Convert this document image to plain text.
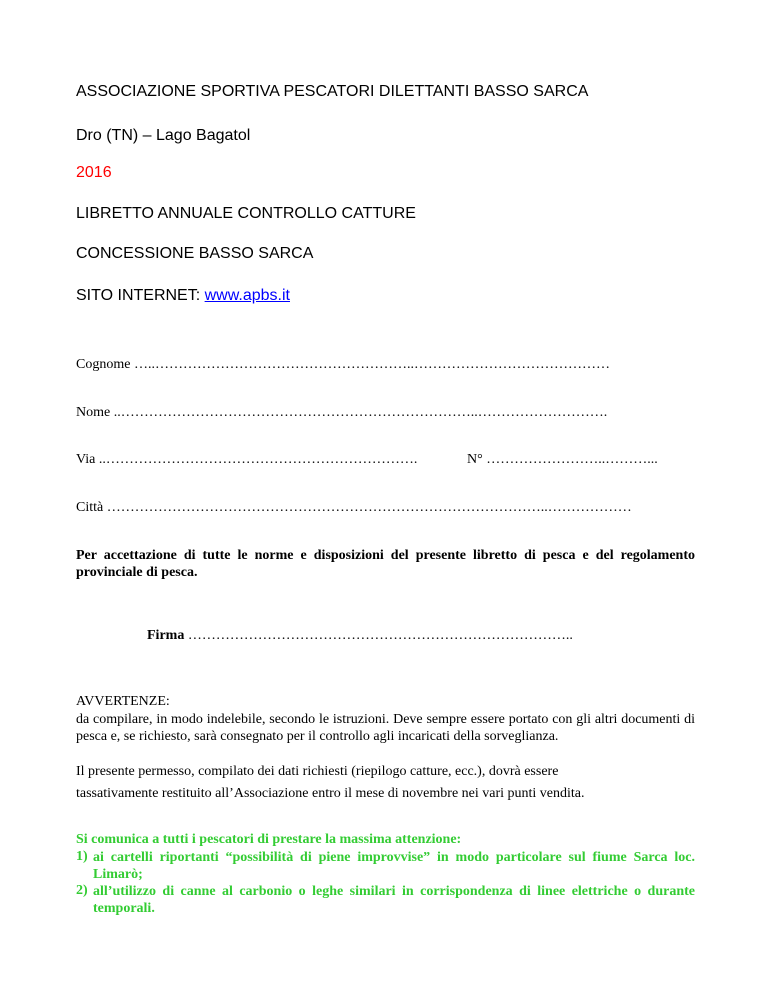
ASSOCIAZIONE SPORTIVA PESCATORI DILETTANTI BASSO SARCA
Dro (TN) – Lago Bagatol
2016
LIBRETTO ANNUALE CONTROLLO CATTURE
CONCESSIONE BASSO SARCA
SITO INTERNET: www.apbs.it
Cognome
…..………………………………………………..……………………………………
Nome
..…………………………………………………………………..……………………….
Via
..………………………………………………………….	N° ……………………..………...
Città
…………………………………………………………………………………..………………
Per accettazione di tutte le norme e disposizioni del presente libretto di pesca e del regolamento provinciale di pesca.
Firma ………………………………………………………………………..
AVVERTENZE:
da compilare, in modo indelebile, secondo le istruzioni. Deve sempre essere portato con gli altri documenti di pesca e, se richiesto, sarà consegnato per il controllo agli incaricati della sorveglianza.
Il presente permesso, compilato dei dati richiesti (riepilogo catture, ecc.), dovrà essere
tassativamente restituito all’Associazione entro il mese di novembre nei vari punti vendita.
Si comunica a tutti i pescatori di prestare la massima attenzione:
1) ai cartelli riportanti “possibilità di piene improvvise” in modo particolare sul fiume Sarca loc. Limarò;
2) all’utilizzo di canne al carbonio o leghe similari in corrispondenza di linee elettriche o durante temporali.
